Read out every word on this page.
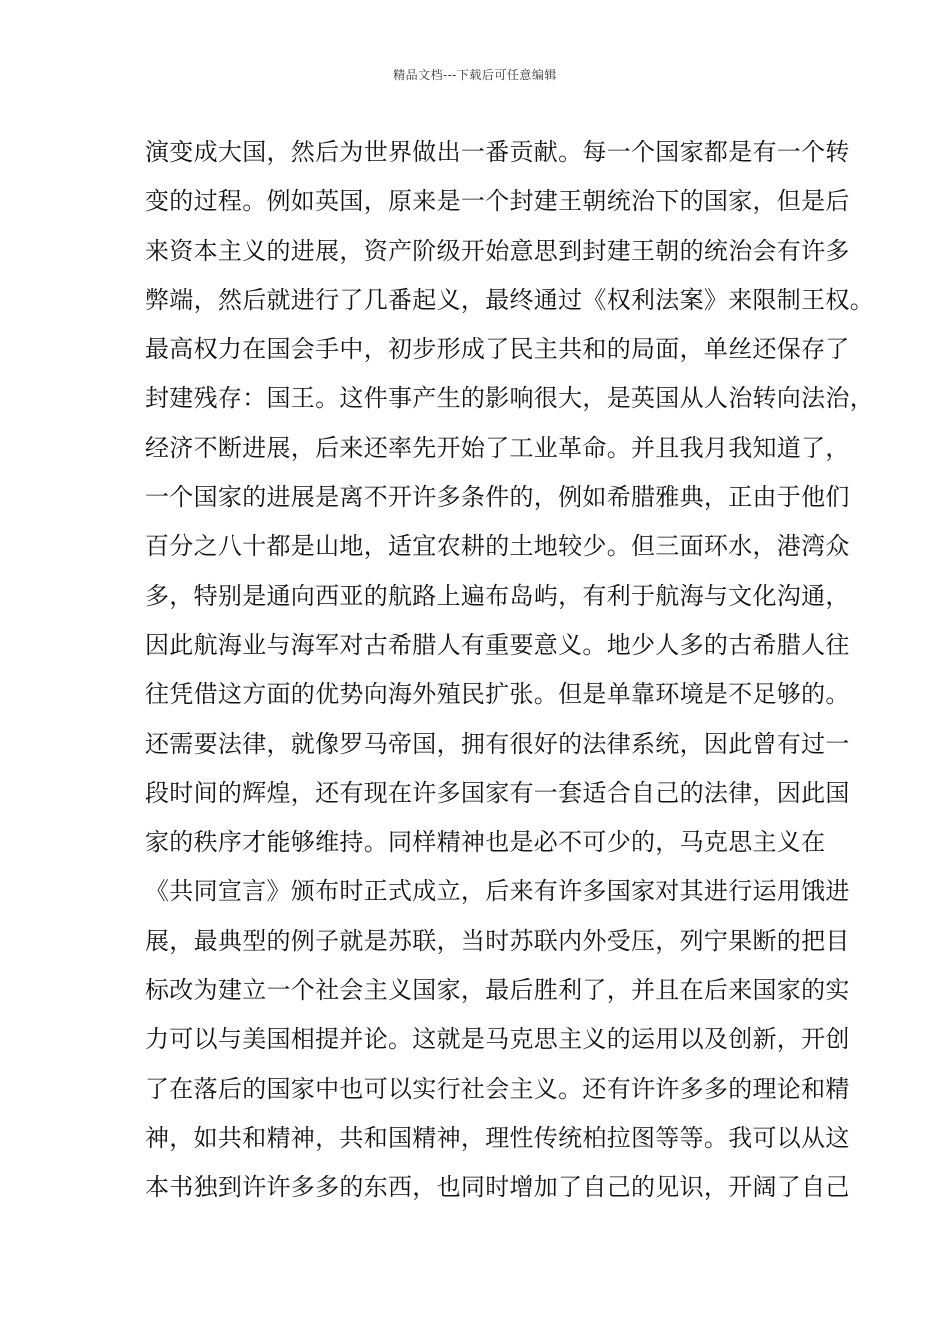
精品文档---下载后可任意编辑
演变成大国，然后为世界做出一番贡献。每一个国家都是有一个转
变的过程。例如英国，原来是一个封建王朝统治下的国家，但是后
来资本主义的进展，资产阶级开始意思到封建王朝的统治会有许多
弊端，然后就进行了几番起义，最终通过《权利法案》来限制王权。
最高权力在国会手中，初步形成了民主共和的局面，单丝还保存了
封建残存：国王。这件事产生的影响很大，是英国从人治转向法治，
经济不断进展，后来还率先开始了工业革命。并且我月我知道了，
一个国家的进展是离不开许多条件的，例如希腊雅典，正由于他们
百分之八十都是山地，适宜农耕的土地较少。但三面环水，港湾众
多，特别是通向西亚的航路上遍布岛屿，有利于航海与文化沟通，
因此航海业与海军对古希腊人有重要意义。地少人多的古希腊人往
往凭借这方面的优势向海外殖民扩张。但是单靠环境是不足够的。
还需要法律，就像罗马帝国，拥有很好的法律系统，因此曾有过一
段时间的辉煌，还有现在许多国家有一套适合自己的法律，因此国
家的秩序才能够维持。同样精神也是必不可少的，马克思主义在
《共同宣言》颁布时正式成立，后来有许多国家对其进行运用饿进
展，最典型的例子就是苏联，当时苏联内外受压，列宁果断的把目
标改为建立一个社会主义国家，最后胜利了，并且在后来国家的实
力可以与美国相提并论。这就是马克思主义的运用以及创新，开创
了在落后的国家中也可以实行社会主义。还有许许多多的理论和精
神，如共和精神，共和国精神，理性传统柏拉图等等。我可以从这
本书独到许许多多的东西，也同时增加了自己的见识，开阔了自己
